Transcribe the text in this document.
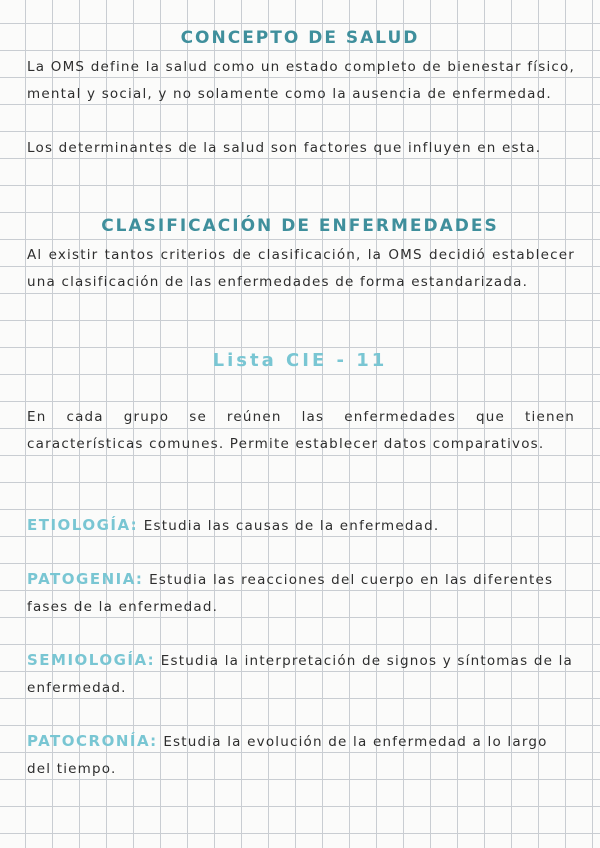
CONCEPTO DE SALUD
La OMS define la salud como un estado completo de bienestar físico, mental y social, y no solamente como la ausencia de enfermedad.
Los determinantes de la salud son factores que influyen en esta.
CLASIFICACIÓN DE ENFERMEDADES
Al existir tantos criterios de clasificación, la OMS decidió establecer una clasificación de las enfermedades de forma estandarizada.
Lista CIE - 11
En cada grupo se reúnen las enfermedades que tienen características comunes. Permite establecer datos comparativos.
ETIOLOGÍA: Estudia las causas de la enfermedad.
PATOGENIA: Estudia las reacciones del cuerpo en las diferentes fases de la enfermedad.
SEMIOLOGÍA: Estudia la interpretación de signos y síntomas de la enfermedad.
PATOCRONÍA: Estudia la evolución de la enfermedad a lo largo del tiempo.
